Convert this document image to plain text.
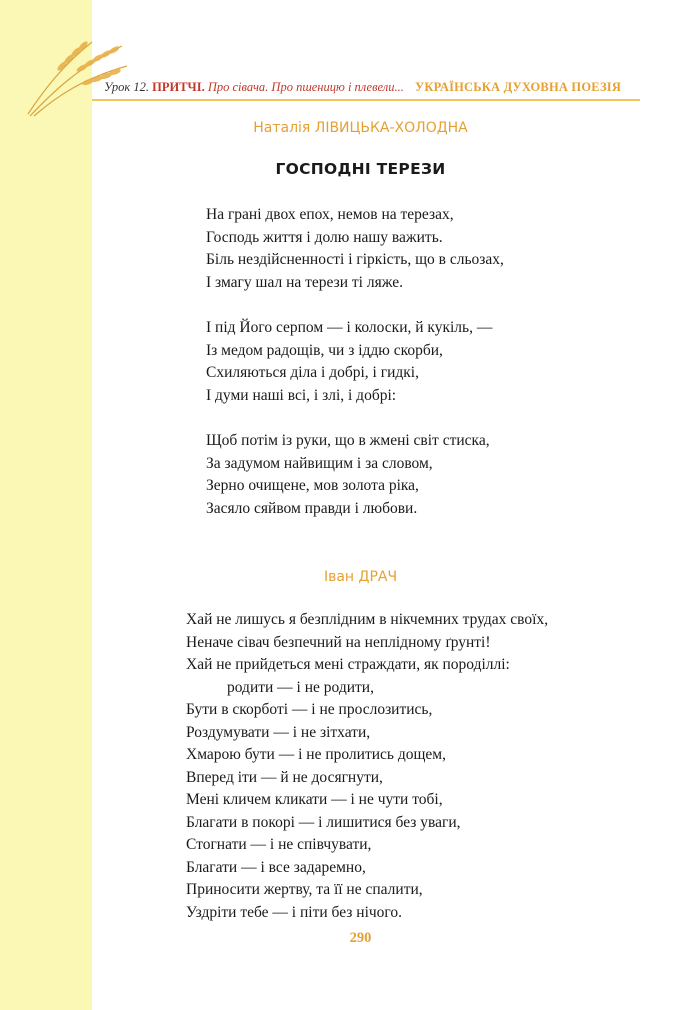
Урок 12. ПРИТЧІ. Про сівача. Про пшеницю і плевели... УКРАЇНСЬКА ДУХОВНА ПОЕЗІЯ
Наталія ЛІВИЦЬКА-ХОЛОДНА
ГОСПОДНІ ТЕРЕЗИ
На грані двох епох, немов на терезах,
Господь життя і долю нашу важить.
Біль нездійсненності і гіркість, що в сльозах,
І змагу шал на терези ті ляже.
І під Його серпом — і колоски, й кукіль, —
Із медом радощів, чи з іддю скорби,
Схиляються діла і добрі, і гидкі,
І думи наші всі, і злі, і добрі:
Щоб потім із руки, що в жмені світ стиска,
За задумом найвищим і за словом,
Зерно очищене, мов золота ріка,
Засяло сяйвом правди і любови.
Іван ДРАЧ
Хай не лишусь я безплідним в нікчемних трудах своїх,
Неначе сівач безпечний на неплідному ґрунті!
Хай не прийдеться мені страждати, як породіллі:
родити — і не родити,
Бути в скорботі — і не прослозитись,
Роздумувати — і не зітхати,
Хмарою бути — і не пролитись дощем,
Вперед іти — й не досягнути,
Мені кличем кликати — і не чути тобі,
Благати в покорі — і лишитися без уваги,
Стогнати — і не співчувати,
Благати — і все задаремно,
Приносити жертву, та її не спалити,
Уздріти тебе — і піти без нічого.
290
